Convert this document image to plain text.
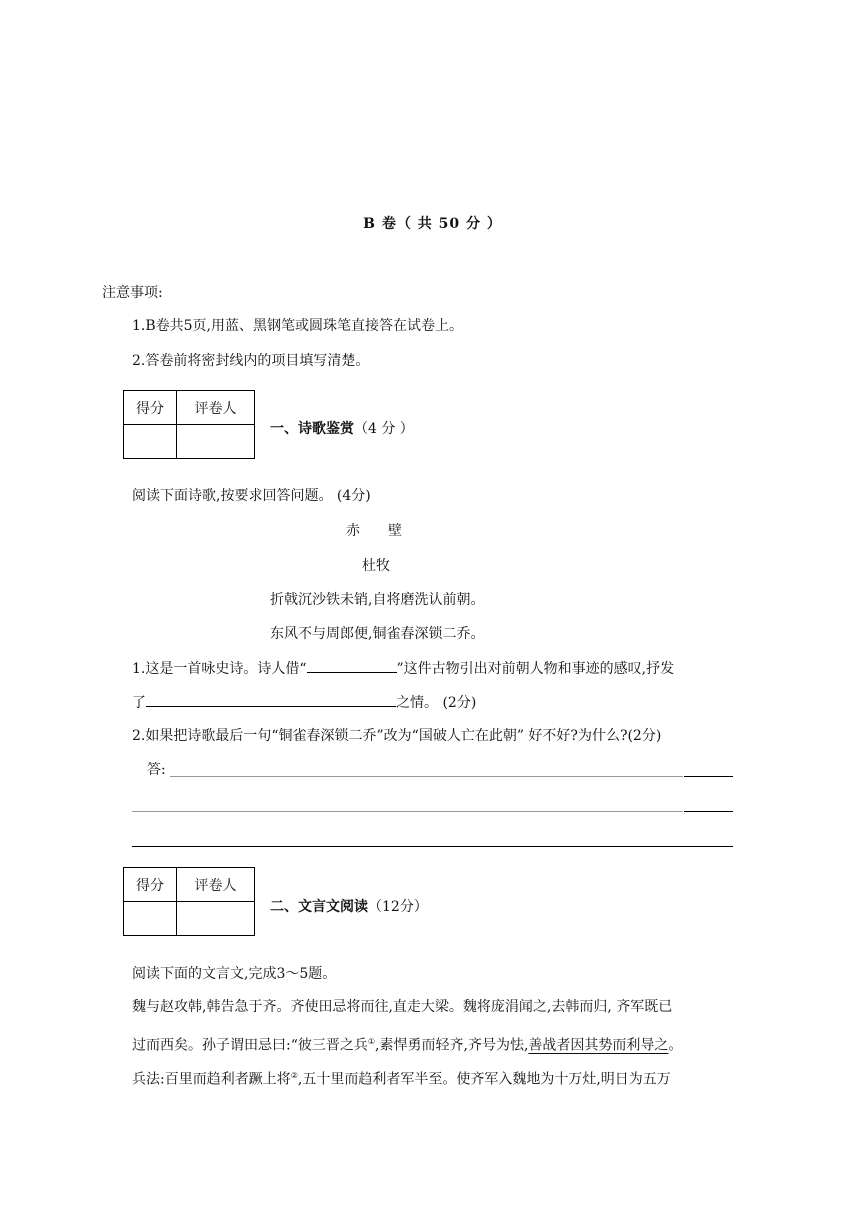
B 卷（ 共 50 分 ）
注意事项:
1.B卷共5页,用蓝、黑钢笔或圆珠笔直接答在试卷上。
2.答卷前将密封线内的项目填写清楚。
得分	评卷人

一、诗歌鉴赏（4 分 ）
阅读下面诗歌,按要求回答问题。 (4分)
赤　　壁
杜牧
折戟沉沙铁未销,自将磨洗认前朝。
东风不与周郎便,铜雀春深锁二乔。
1.这是一首咏史诗。诗人借“	”这件古物引出对前朝人物和事迹的感叹,抒发
了	之情。 (2分)
2.如果把诗歌最后一句“铜雀春深锁二乔”改为“国破人亡在此朝” 好不好?为什么?(2分)
答:
得分	评卷人

二、文言文阅读（12分）
阅读下面的文言文,完成3～5题。
魏与赵攻韩,韩告急于齐。齐使田忌将而往,直走大梁。魏将庞涓闻之,去韩而归, 齐军既已
过而西矣。孙子谓田忌曰:“彼三晋之兵①,素悍勇而轻齐,齐号为怯,善战者因其势而利导之。
兵法:百里而趋利者蹶上将②,五十里而趋利者军半至。使齐军入魏地为十万灶,明日为五万
